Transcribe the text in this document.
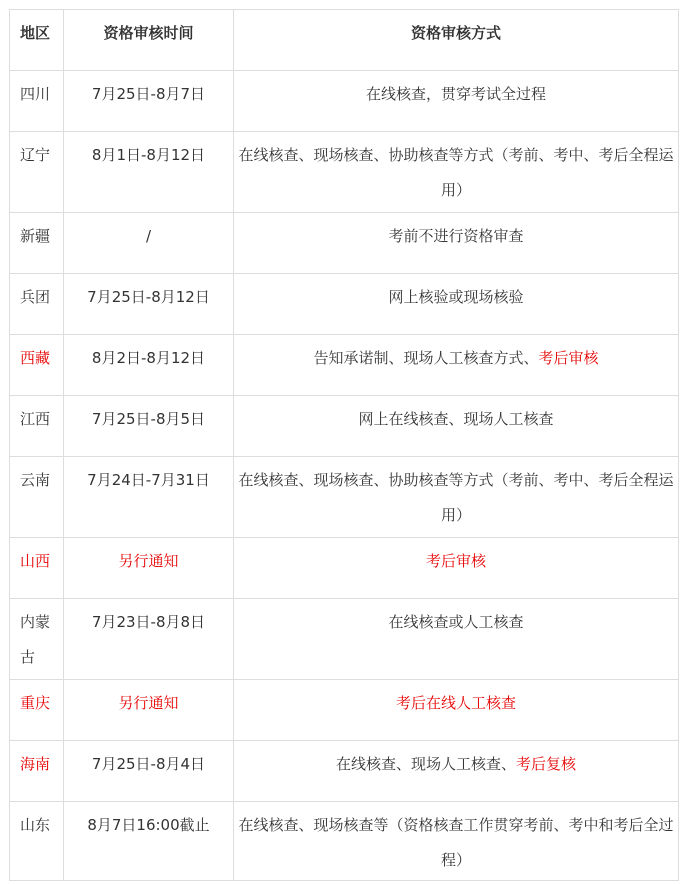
地区	资格审核时间	资格审核方式
四川	7月25日-8月7日	在线核查，贯穿考试全过程
辽宁	8月1日-8月12日	在线核查、现场核查、协助核查等方式（考前、考中、考后全程运用）
新疆	/	考前不进行资格审查
兵团	7月25日-8月12日	网上核验或现场核验
西藏	8月2日-8月12日	告知承诺制、现场人工核查方式、考后审核
江西	7月25日-8月5日	网上在线核查、现场人工核查
云南	7月24日-7月31日	在线核查、现场核查、协助核查等方式（考前、考中、考后全程运用）
山西	另行通知	考后审核
内蒙古	7月23日-8月8日	在线核查或人工核查
重庆	另行通知	考后在线人工核查
海南	7月25日-8月4日	在线核查、现场人工核查、考后复核
山东	8月7日16:00截止	在线核查、现场核查等（资格核查工作贯穿考前、考中和考后全过程）
